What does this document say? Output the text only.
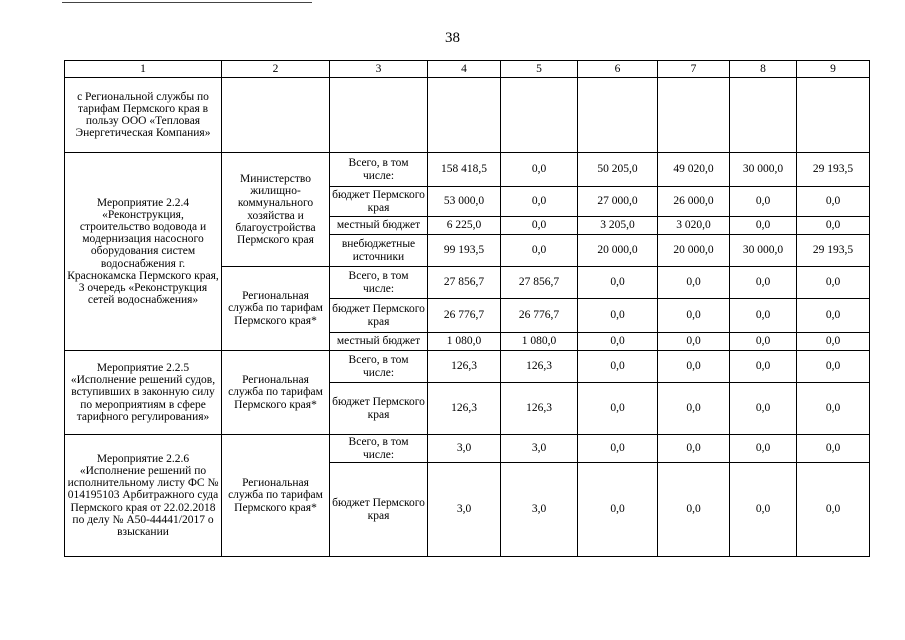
38
1	2	3	4	5	6	7	8	9
с Региональной службы по тарифам Пермского края в пользу ООО «Тепловая Энергетическая Компания»								
Мероприятие 2.2.4 «Реконструкция, строительство водовода и модернизация насосного оборудования систем водоснабжения г. Краснокамска Пермского края, 3 очередь «Реконструкция сетей водоснабжения»	Министерство жилищно-коммунального хозяйства и благоустройства Пермского края	Всего, в том числе:	158 418,5	0,0	50 205,0	49 020,0	30 000,0	29 193,5
		бюджет Пермского края	53 000,0	0,0	27 000,0	26 000,0	0,0	0,0
		местный бюджет	6 225,0	0,0	3 205,0	3 020,0	0,0	0,0
		внебюджетные источники	99 193,5	0,0	20 000,0	20 000,0	30 000,0	29 193,5
	Региональная служба по тарифам Пермского края*	Всего, в том числе:	27 856,7	27 856,7	0,0	0,0	0,0	0,0
		бюджет Пермского края	26 776,7	26 776,7	0,0	0,0	0,0	0,0
		местный бюджет	1 080,0	1 080,0	0,0	0,0	0,0	0,0
Мероприятие 2.2.5 «Исполнение решений судов, вступивших в законную силу по мероприятиям в сфере тарифного регулирования»	Региональная служба по тарифам Пермского края*	Всего, в том числе:	126,3	126,3	0,0	0,0	0,0	0,0
		бюджет Пермского края	126,3	126,3	0,0	0,0	0,0	0,0
Мероприятие 2.2.6 «Исполнение решений по исполнительному листу ФС № 014195103 Арбитражного суда Пермского края от 22.02.2018 по делу № А50-44441/2017 о взыскании	Региональная служба по тарифам Пермского края*	Всего, в том числе:	3,0	3,0	0,0	0,0	0,0	0,0
		бюджет Пермского края	3,0	3,0	0,0	0,0	0,0	0,0
